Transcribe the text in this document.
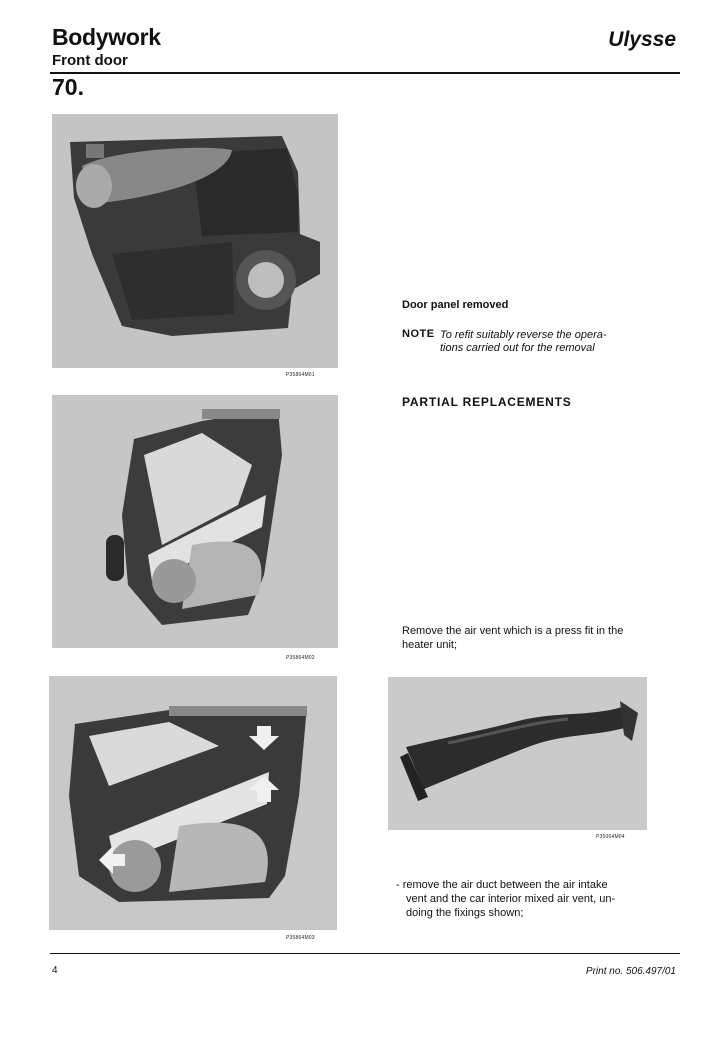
Bodywork
Front door
Ulysse
70.
P35864M01
P35864M02
P35864M03
P35004M04
Door panel removed
NOTE To refit suitably reverse the opera-
tions carried out for the removal
PARTIAL REPLACEMENTS
Remove the air vent which is a press fit in the
heater unit;
- remove the air duct between the air intake
vent and the car interior mixed air vent, un-
doing the fixings shown;
4	Print no. 506.497/01
